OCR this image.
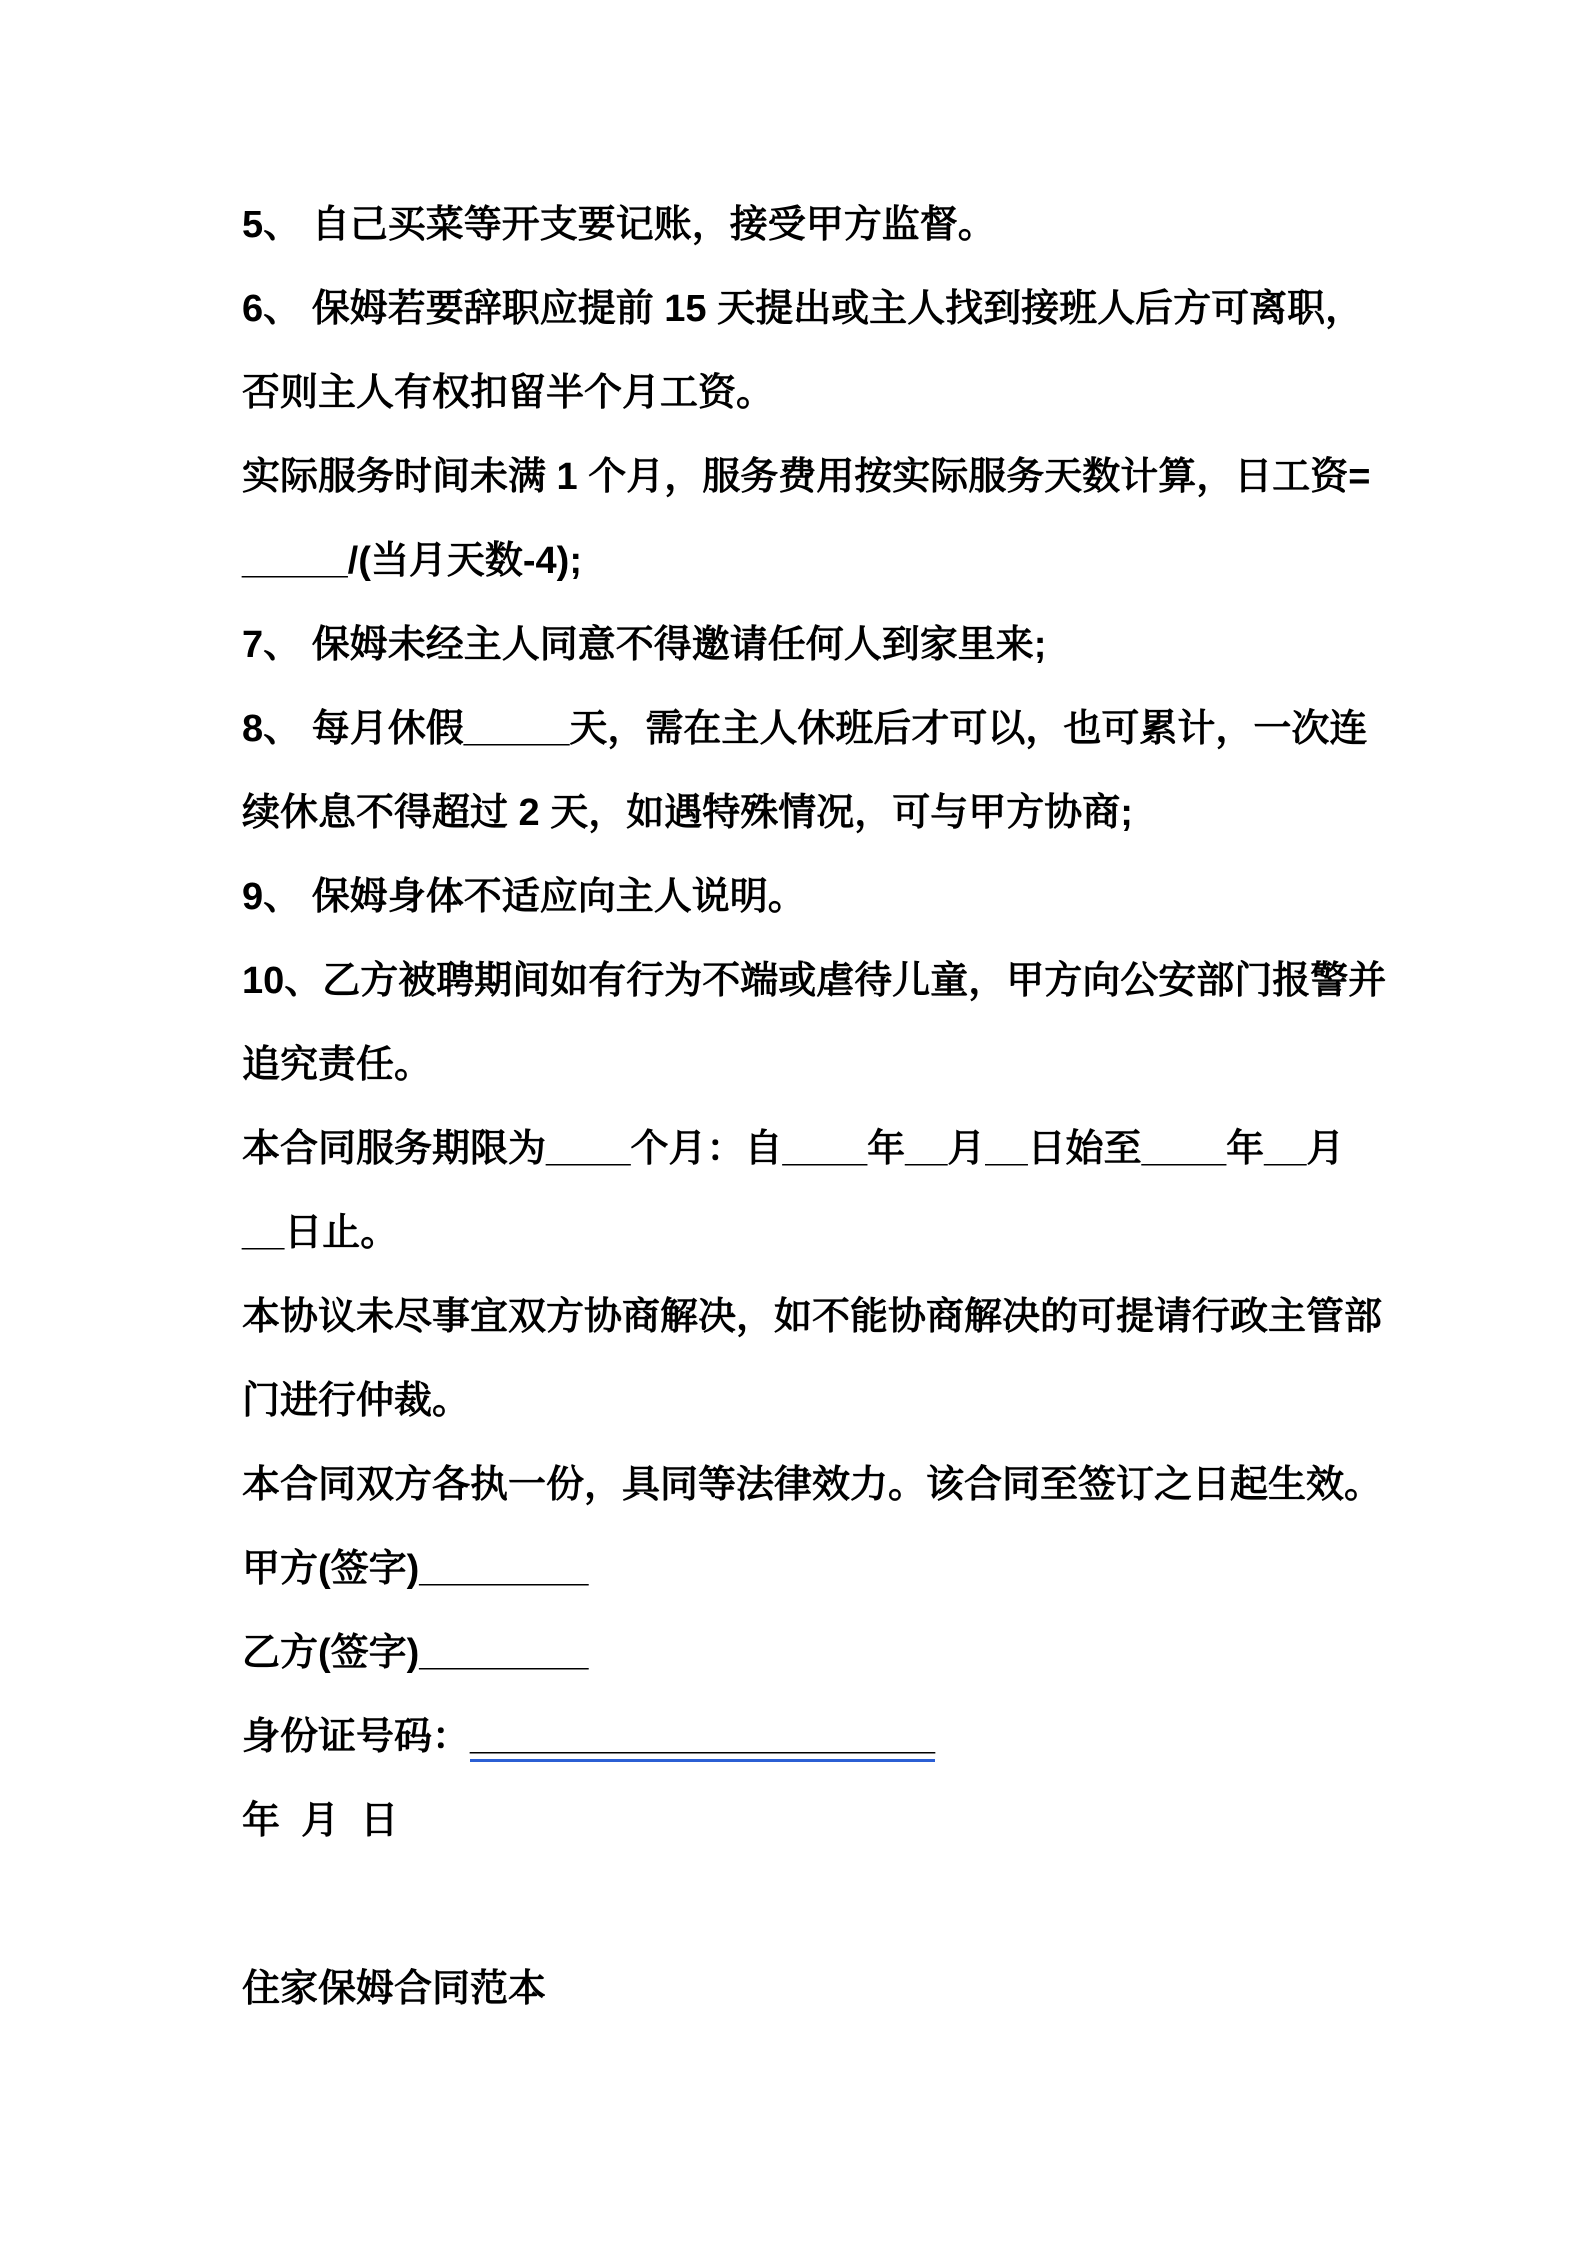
5、 自己买菜等开支要记账，接受甲方监督。

6、 保姆若要辞职应提前 15 天提出或主人找到接班人后方可离职，

否则主人有权扣留半个月工资。

实际服务时间未满 1 个月，服务费用按实际服务天数计算，日工资=

_____/(当月天数-4);

7、 保姆未经主人同意不得邀请任何人到家里来;

8、 每月休假_____天，需在主人休班后才可以，也可累计，一次连

续休息不得超过 2 天，如遇特殊情况，可与甲方协商;

9、 保姆身体不适应向主人说明。

10、乙方被聘期间如有行为不端或虐待儿童，甲方向公安部门报警并

追究责任。

本合同服务期限为____个月：自____年__月__日始至____年__月

__日止。

本协议未尽事宜双方协商解决，如不能协商解决的可提请行政主管部

门进行仲裁。

本合同双方各执一份，具同等法律效力。该合同至签订之日起生效。

甲方(签字)________

乙方(签字)________

身份证号码：______________________

年  月  日

住家保姆合同范本
